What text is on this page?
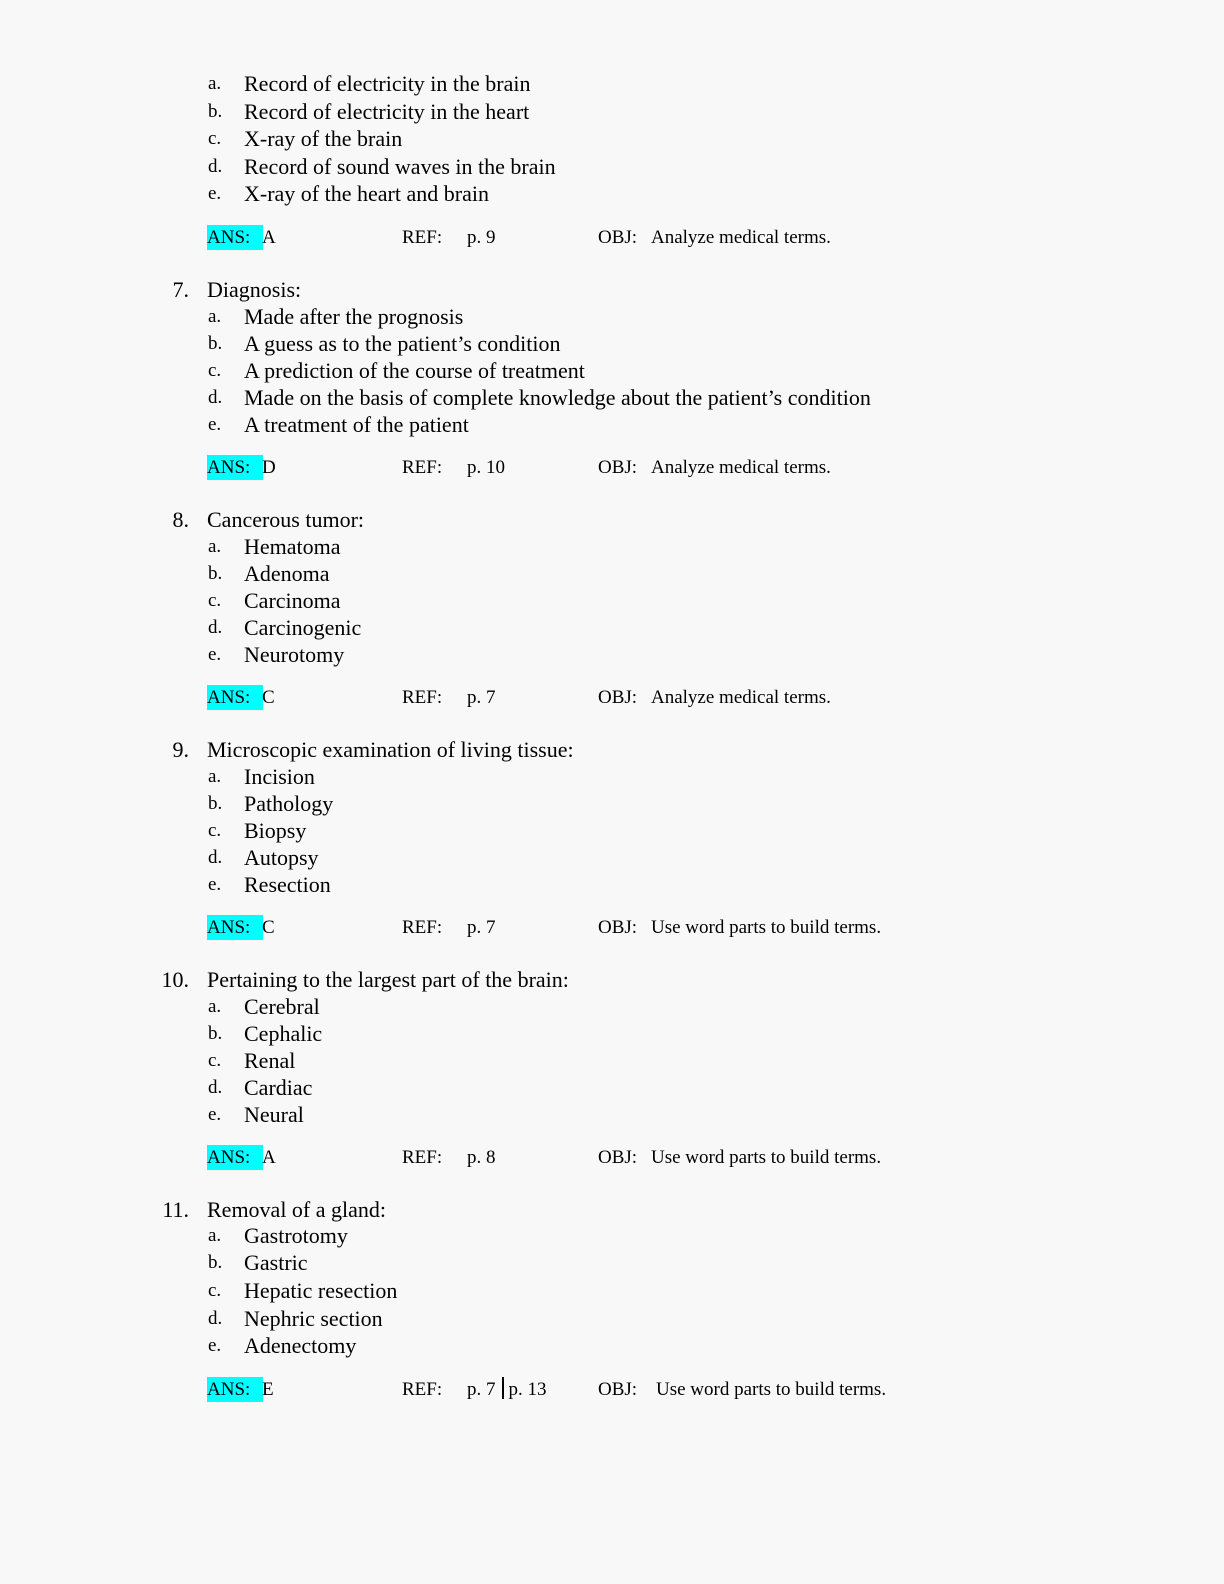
a. Record of electricity in the brain
b. Record of electricity in the heart
c. X-ray of the brain
d. Record of sound waves in the brain
e. X-ray of the heart and brain
ANS: A	REF: p. 9	OBJ: Analyze medical terms.
7. Diagnosis:
a. Made after the prognosis
b. A guess as to the patient’s condition
c. A prediction of the course of treatment
d. Made on the basis of complete knowledge about the patient’s condition
e. A treatment of the patient
ANS: D	REF: p. 10	OBJ: Analyze medical terms.
8. Cancerous tumor:
a. Hematoma
b. Adenoma
c. Carcinoma
d. Carcinogenic
e. Neurotomy
ANS: C	REF: p. 7	OBJ: Analyze medical terms.
9. Microscopic examination of living tissue:
a. Incision
b. Pathology
c. Biopsy
d. Autopsy
e. Resection
ANS: C	REF: p. 7	OBJ: Use word parts to build terms.
10. Pertaining to the largest part of the brain:
a. Cerebral
b. Cephalic
c. Renal
d. Cardiac
e. Neural
ANS: A	REF: p. 8	OBJ: Use word parts to build terms.
11. Removal of a gland:
a. Gastrotomy
b. Gastric
c. Hepatic resection
d. Nephric section
e. Adenectomy
ANS: E	REF: p. 7 p. 13	OBJ: Use word parts to build terms.
